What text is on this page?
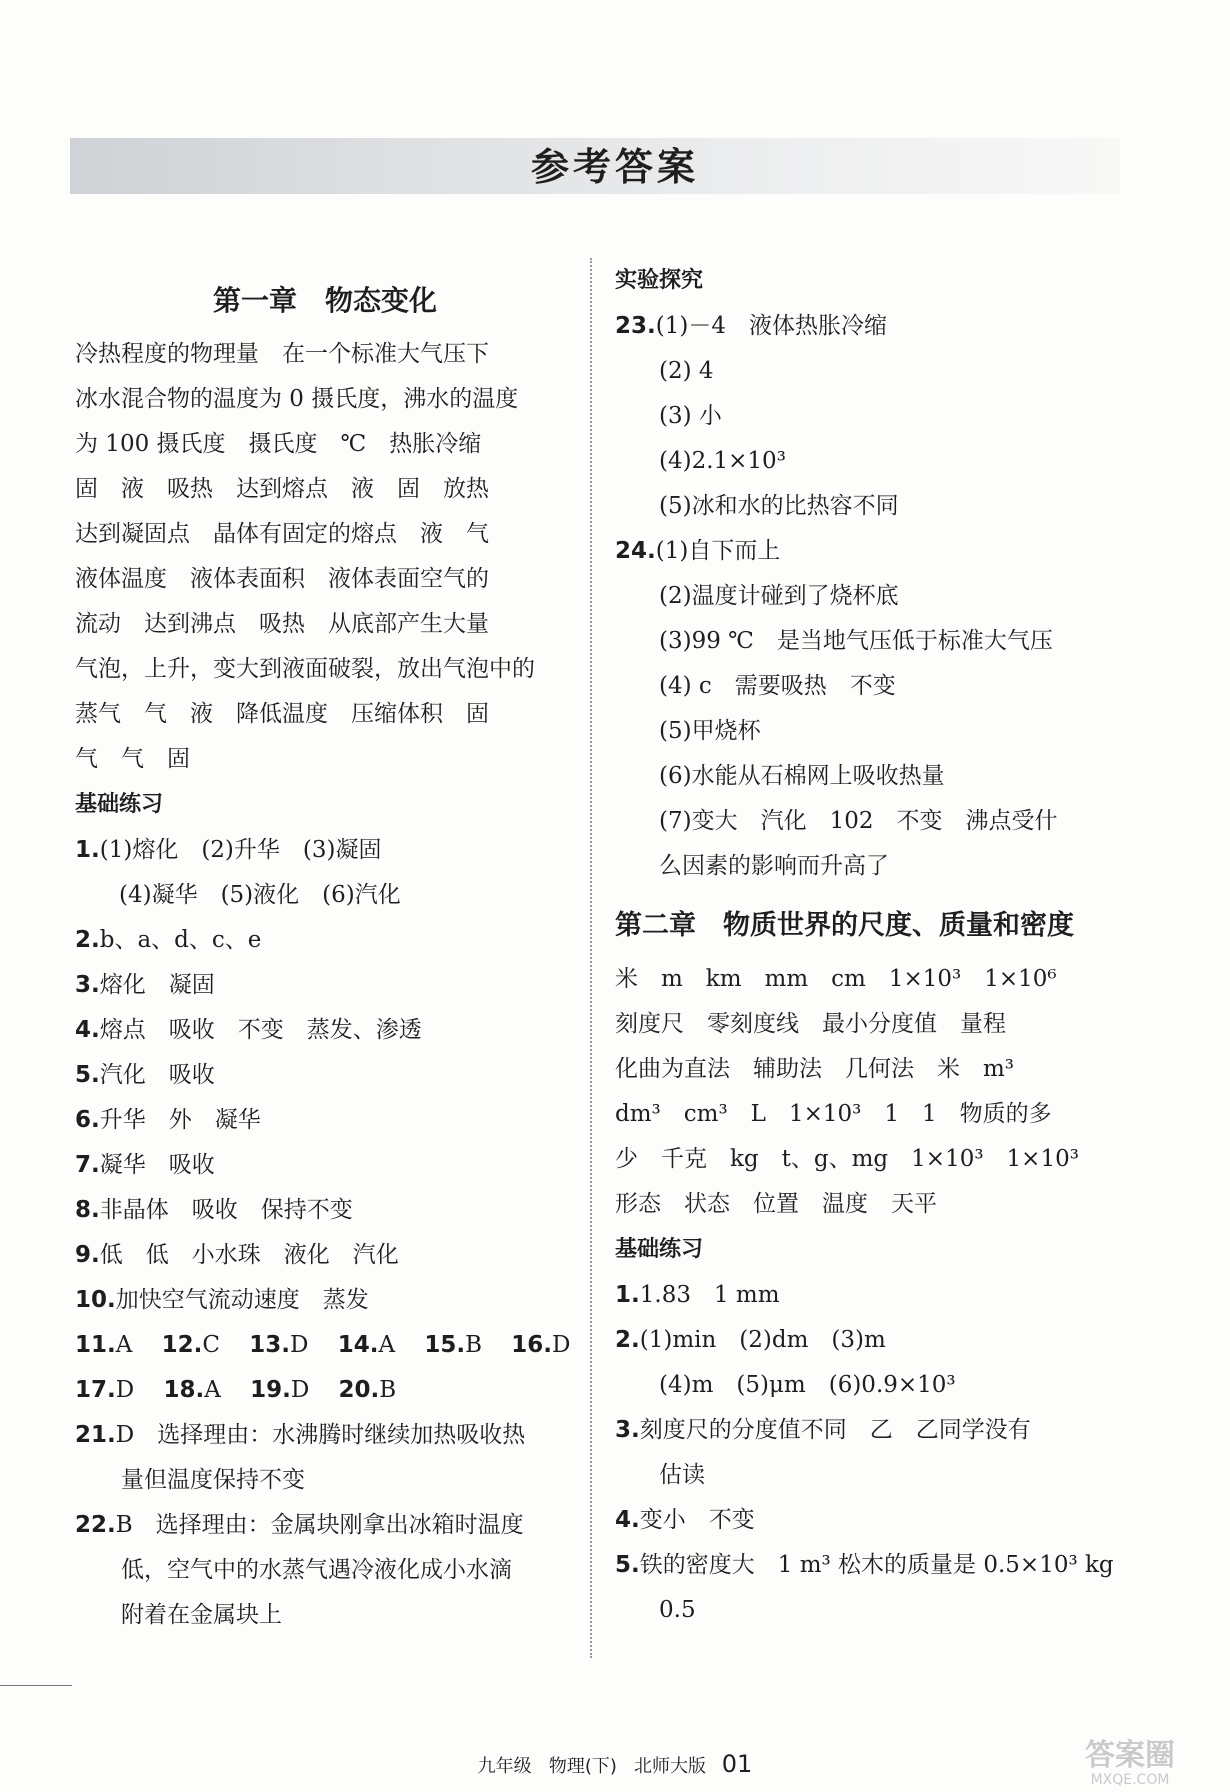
参考答案
第一章　物态变化
冷热程度的物理量　在一个标准大气压下
冰水混合物的温度为 0 摄氏度，沸水的温度
为 100 摄氏度　摄氏度　℃　热胀冷缩
固　液　吸热　达到熔点　液　固　放热
达到凝固点　晶体有固定的熔点　液　气
液体温度　液体表面积　液体表面空气的
流动　达到沸点　吸热　从底部产生大量
气泡，上升，变大到液面破裂，放出气泡中的
蒸气　气　液　降低温度　压缩体积　固
气　气　固
基础练习
1.(1)熔化　(2)升华　(3)凝固
(4)凝华　(5)液化　(6)汽化
2.b、a、d、c、e
3.熔化　凝固
4.熔点　吸收　不变　蒸发、渗透
5.汽化　吸收
6.升华　外　凝华
7.凝华　吸收
8.非晶体　吸收　保持不变
9.低　低　小水珠　液化　汽化
10.加快空气流动速度　蒸发
11.A 12.C 13.D 14.A 15.B 16.D
17.D 18.A 19.D 20.B
21.D　选择理由：水沸腾时继续加热吸收热
量但温度保持不变
22.B　选择理由：金属块刚拿出冰箱时温度
低，空气中的水蒸气遇冷液化成小水滴
附着在金属块上
实验探究
23.(1)－4　液体热胀冷缩
(2) 4
(3) 小
(4)2.1×10³
(5)冰和水的比热容不同
24.(1)自下而上
(2)温度计碰到了烧杯底
(3)99 ℃　是当地气压低于标准大气压
(4) c　需要吸热　不变
(5)甲烧杯
(6)水能从石棉网上吸收热量
(7)变大　汽化　102　不变　沸点受什
么因素的影响而升高了
第二章　物质世界的尺度、质量和密度
米　m　km　mm　cm　1×10³　1×10⁶
刻度尺　零刻度线　最小分度值　量程
化曲为直法　辅助法　几何法　米　m³
dm³　cm³　L　1×10³　1　1　物质的多
少　千克　kg　t、g、mg　1×10³　1×10³
形态　状态　位置　温度　天平
基础练习
1.1.83　1 mm
2.(1)min　(2)dm　(3)m
(4)m　(5)μm　(6)0.9×10³
3.刻度尺的分度值不同　乙　乙同学没有
估读
4.变小　不变
5.铁的密度大　1 m³ 松木的质量是 0.5×10³ kg
0.5
九年级 物理(下) 北师大版 01	答案圈
MXQE.COM
